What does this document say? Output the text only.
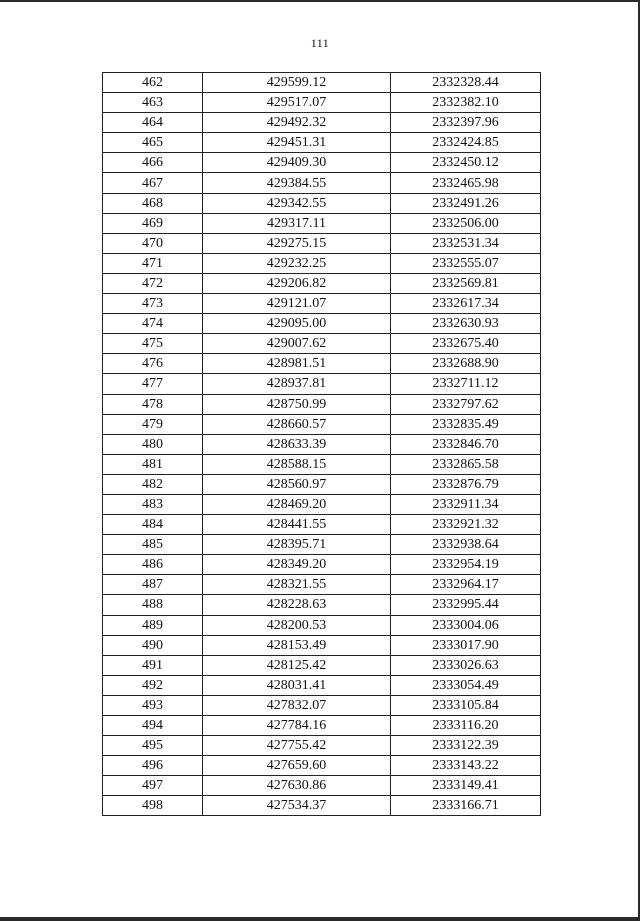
111
462	429599.12	2332328.44
463	429517.07	2332382.10
464	429492.32	2332397.96
465	429451.31	2332424.85
466	429409.30	2332450.12
467	429384.55	2332465.98
468	429342.55	2332491.26
469	429317.11	2332506.00
470	429275.15	2332531.34
471	429232.25	2332555.07
472	429206.82	2332569.81
473	429121.07	2332617.34
474	429095.00	2332630.93
475	429007.62	2332675.40
476	428981.51	2332688.90
477	428937.81	2332711.12
478	428750.99	2332797.62
479	428660.57	2332835.49
480	428633.39	2332846.70
481	428588.15	2332865.58
482	428560.97	2332876.79
483	428469.20	2332911.34
484	428441.55	2332921.32
485	428395.71	2332938.64
486	428349.20	2332954.19
487	428321.55	2332964.17
488	428228.63	2332995.44
489	428200.53	2333004.06
490	428153.49	2333017.90
491	428125.42	2333026.63
492	428031.41	2333054.49
493	427832.07	2333105.84
494	427784.16	2333116.20
495	427755.42	2333122.39
496	427659.60	2333143.22
497	427630.86	2333149.41
498	427534.37	2333166.71
